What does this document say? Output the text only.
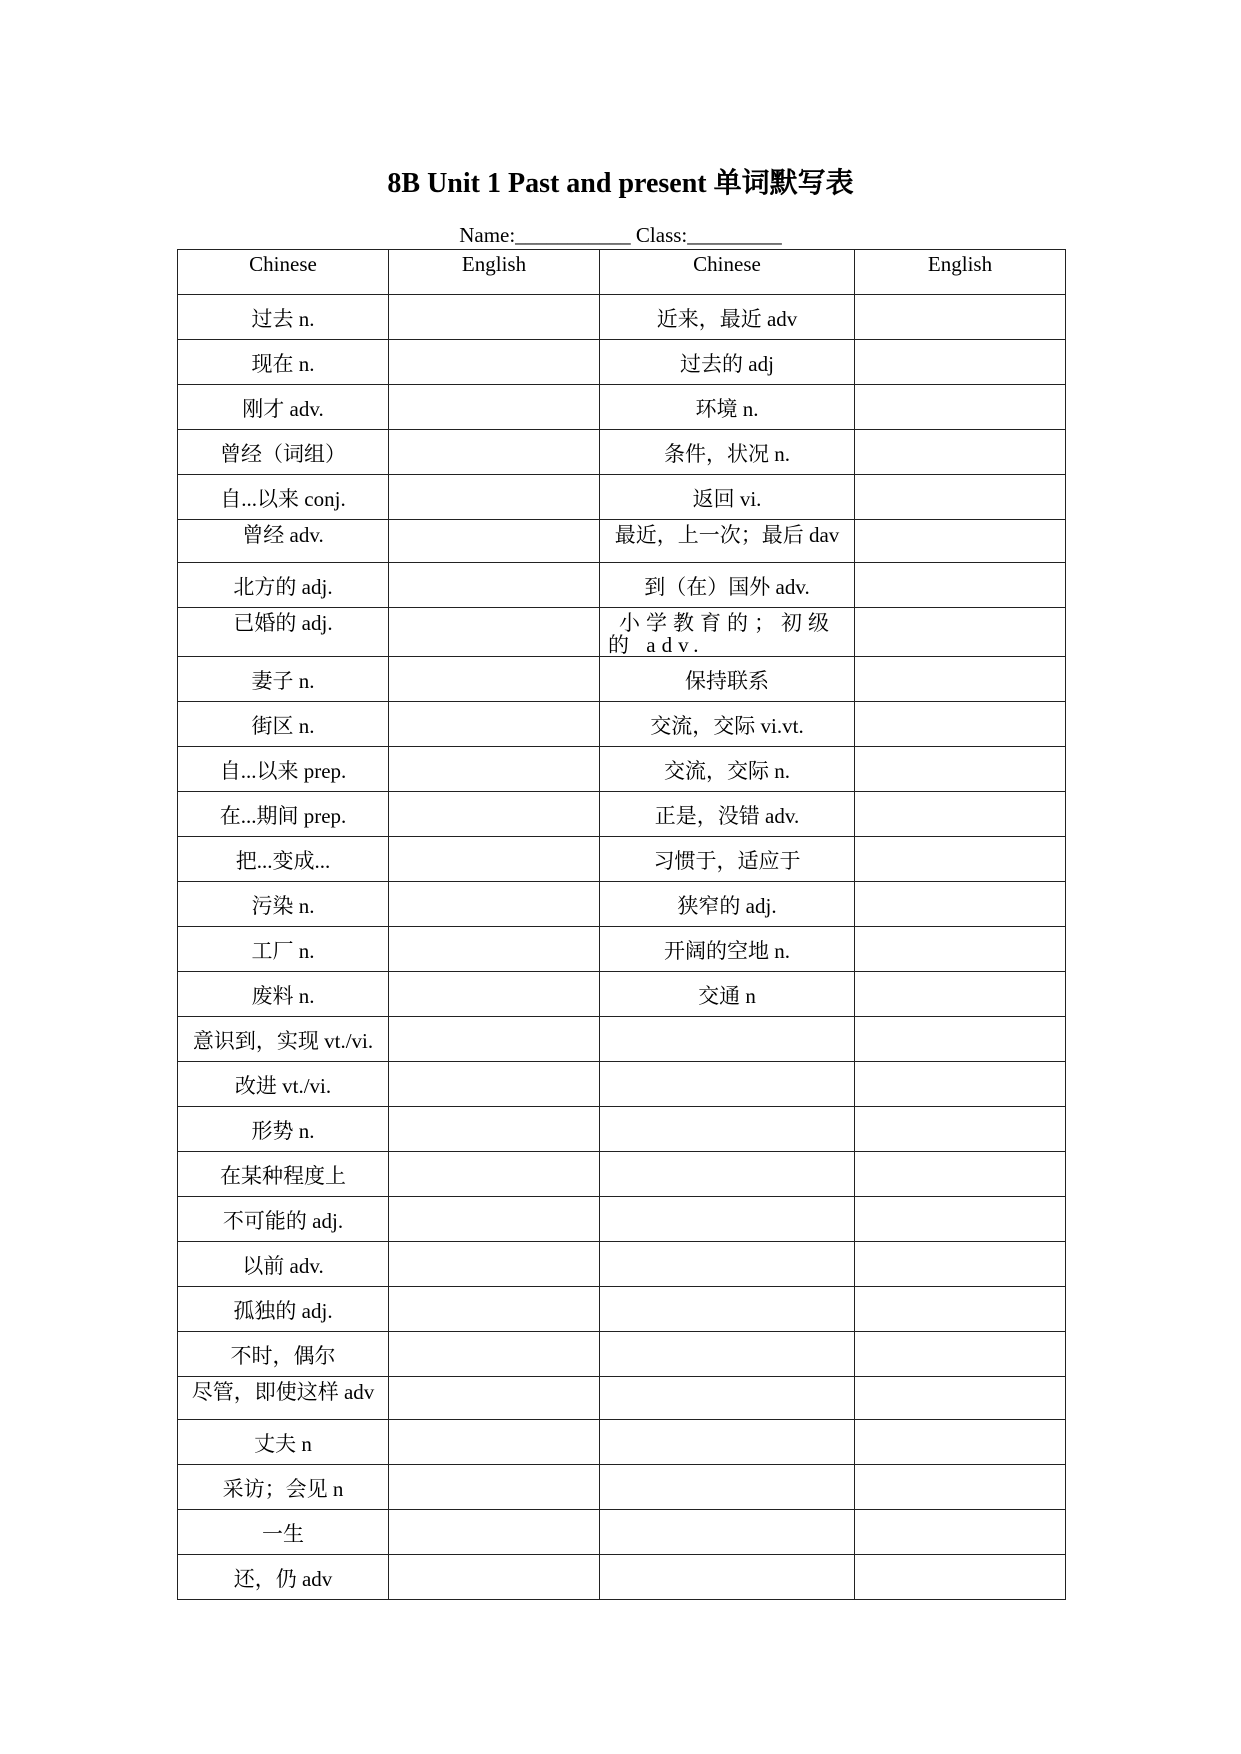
8B Unit 1 Past and present 单词默写表
Name:___________ Class:_________
Chinese	English	Chinese	English
过去 n.		近来，最近 adv	
现在 n.		过去的 adj	
刚才 adv.		环境 n.	
曾经（词组）		条件，状况 n.	
自...以来 conj.		返回 vi.	
曾经 adv.		最近，上一次；最后 dav	
北方的 adj.		到（在）国外 adv.	
已婚的 adj.		小学教育的；初级的 adv.	
妻子 n.		保持联系	
街区 n.		交流，交际 vi.vt.	
自...以来 prep.		交流，交际 n.	
在...期间 prep.		正是，没错 adv.	
把...变成...		习惯于，适应于	
污染 n.		狭窄的 adj.	
工厂 n.		开阔的空地 n.	
废料 n.		交通 n	
意识到，实现 vt./vi.			
改进 vt./vi.			
形势 n.			
在某种程度上			
不可能的 adj.			
以前 adv.			
孤独的 adj.			
不时，偶尔			
尽管，即使这样 adv			
丈夫 n			
采访；会见 n			
一生			
还，仍 adv			
